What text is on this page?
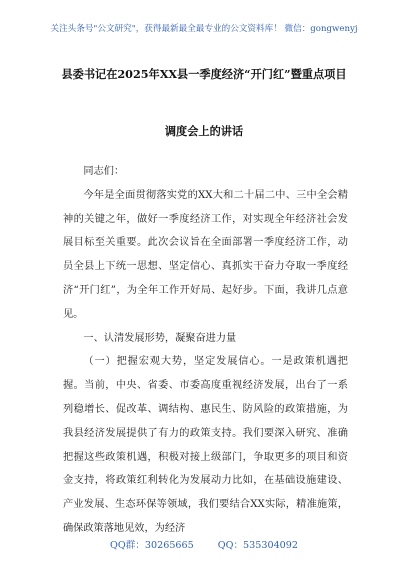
关注头条号"公文研究"，获得最新最全最专业的公文资料库！ 微信：gongwenyj
县委书记在2025年XX县一季度经济“开门红”暨重点项目
调度会上的讲话

同志们：

今年是全面贯彻落实党的XX大和二十届二中、三中全会精神的关键之年，做好一季度经济工作，对实现全年经济社会发展目标至关重要。此次会议旨在全面部署一季度经济工作，动员全县上下统一思想、坚定信心、真抓实干奋力夺取一季度经济“开门红”，为全年工作开好局、起好步。下面，我讲几点意见。

一、认清发展形势，凝聚奋进力量

（一）把握宏观大势，坚定发展信心。一是政策机遇把握。当前，中央、省委、市委高度重视经济发展，出台了一系列稳增长、促改革、调结构、惠民生、防风险的政策措施，为我县经济发展提供了有力的政策支持。我们要深入研究、准确把握这些政策机遇，积极对接上级部门，争取更多的项目和资金支持，将政策红利转化为发展动力比如，在基础设施建设、产业发展、生态环保等领域，我们要结合XX实际，精准施策，确保政策落地见效，为经济

QQ群：30265665	QQ：535304092
